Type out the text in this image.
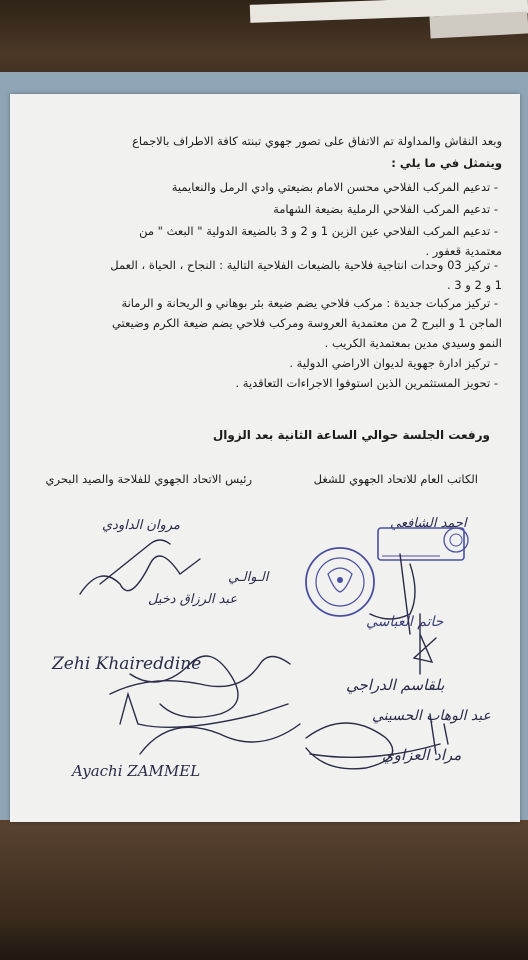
وبعد النقاش والمداولة تم الاتفاق على تصور جهوي تبنته كافة الاطراف بالاجماع
ويتمثل في ما يلي :
- تدعيم المركب الفلاحي محسن الامام بضيعتي وادي الرمل والنعايمية
- تدعيم المركب الفلاحي الرملية بضيعة الشهامة
- تدعيم المركب الفلاحي عين الزين 1 و 2 و 3 بالضيعة الدولية " البعث " من
معتمدية قعفور .
- تركيز 03 وحدات انتاجية فلاحية بالضيعات الفلاحية التالية : النجاح ، الحياة ، العمل
1 و 2 و 3 .
- تركيز مركبات جديدة : مركب فلاحي يضم ضيعة بئر بوهاني و الريحانة و الرمانة
الماجن 1 و البرج 2 من معتمدية العروسة ومركب فلاحي يضم ضيعة الكرم وضيعتي
النمو وسيدي مدين بمعتمدية الكريب .
- تركيز ادارة جهوية لديوان الاراضي الدولية .
- تحويز المستثمرين الذين استوفوا الاجراءات التعاقدية .
ورفعت الجلسة حوالي الساعة الثانية بعد الزوال
الكاتب العام للاتحاد الجهوي للشغل
رئيس الاتحاد الجهوي للفلاحة والصيد البحري
مروان الداودي	احمد الشافعي
الـوالـي
عبد الرزاق دخيل
حاتم العباسي
Zehi Khaireddine
بلقاسم الدراجي
عبد الوهاب الحسيني
مراد العزاوي
Ayachi ZAMMEL
